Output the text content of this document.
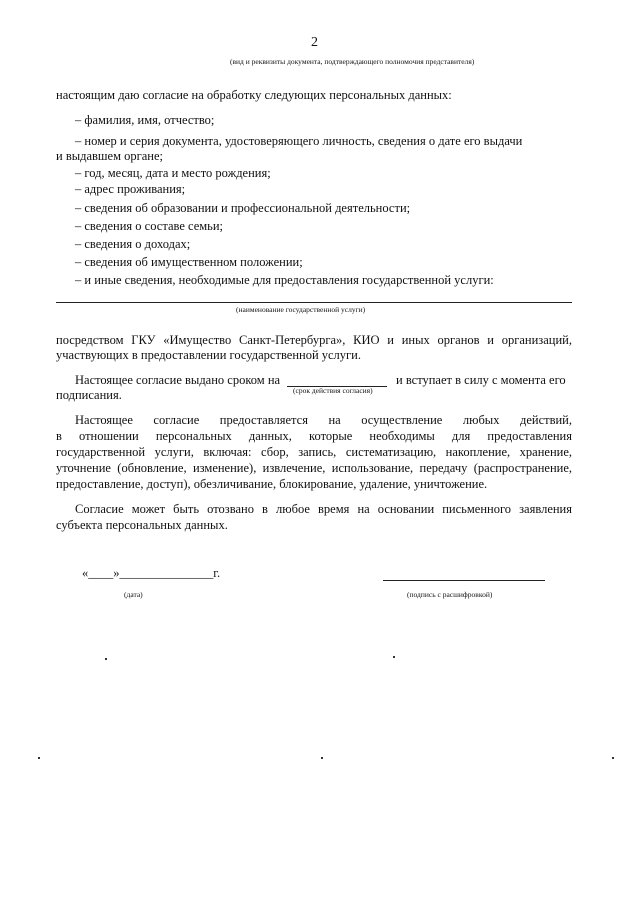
2
(вид и реквизиты документа, подтверждающего полномочия представителя)
настоящим даю согласие на обработку следующих персональных данных:
– фамилия, имя, отчество;
– номер и серия документа, удостоверяющего личность, сведения о дате его выдачи
и выдавшем органе;
– год, месяц, дата и место рождения;
– адрес проживания;
– сведения об образовании и профессиональной деятельности;
– сведения о составе семьи;
– сведения о доходах;
– сведения об имущественном положении;
– и иные сведения, необходимые для предоставления государственной услуги:
(наименование государственной услуги)
посредством ГКУ «Имущество Санкт-Петербурга», КИО и иных органов и организаций,
участвующих в предоставлении государственной услуги.
Настоящее согласие выдано сроком на
(срок действия согласия)
и вступает в силу с момента его
подписания.
Настоящее согласие предоставляется на осуществление любых действий,
в отношении персональных данных, которые необходимы для предоставления
государственной услуги, включая: сбор, запись, систематизацию, накопление, хранение,
уточнение (обновление, изменение), извлечение, использование, передачу (распространение,
предоставление, доступ), обезличивание, блокирование, удаление, уничтожение.
Согласие может быть отозвано в любое время на основании письменного заявления
субъекта персональных данных.
«____»_______________г.
(дата)	(подпись с расшифровкой)
